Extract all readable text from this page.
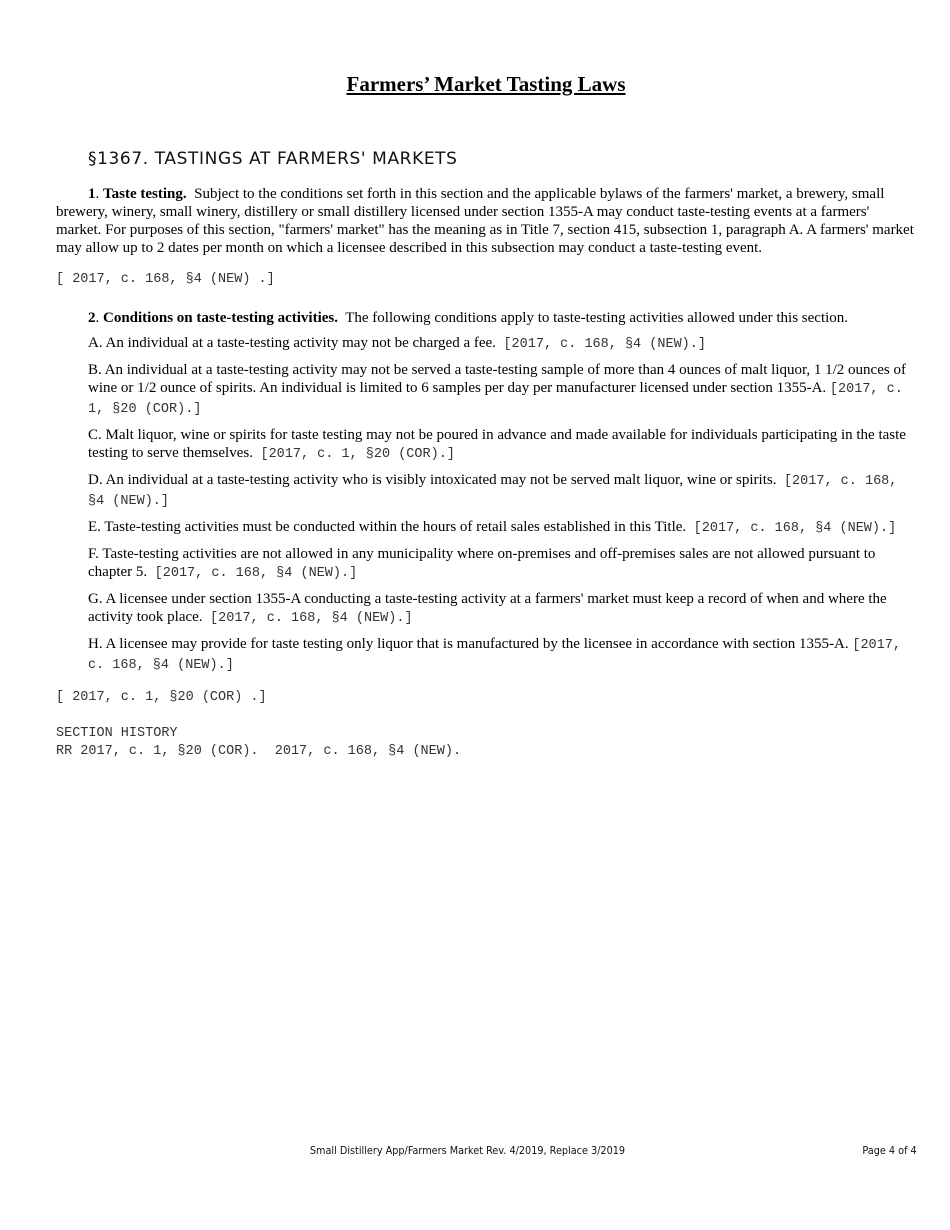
Farmers’ Market Tasting Laws
§1367. TASTINGS AT FARMERS' MARKETS

1. Taste testing. Subject to the conditions set forth in this section and the applicable bylaws of the farmers' market, a brewery, small brewery, winery, small winery, distillery or small distillery licensed under section 1355-A may conduct taste-testing events at a farmers' market. For purposes of this section, "farmers' market" has the meaning as in Title 7, section 415, subsection 1, paragraph A. A farmers' market may allow up to 2 dates per month on which a licensee described in this subsection may conduct a taste-testing event.

[ 2017, c. 168, §4 (NEW) .]

2. Conditions on taste-testing activities. The following conditions apply to taste-testing activities allowed under this section.

A. An individual at a taste-testing activity may not be charged a fee. [2017, c. 168, §4 (NEW).]

B. An individual at a taste-testing activity may not be served a taste-testing sample of more than 4 ounces of malt liquor, 1 1/2 ounces of wine or 1/2 ounce of spirits. An individual is limited to 6 samples per day per manufacturer licensed under section 1355-A. [2017, c. 1, §20 (COR).]

C. Malt liquor, wine or spirits for taste testing may not be poured in advance and made available for individuals participating in the taste testing to serve themselves. [2017, c. 1, §20 (COR).]

D. An individual at a taste-testing activity who is visibly intoxicated may not be served malt liquor, wine or spirits. [2017, c. 168, §4 (NEW).]

E. Taste-testing activities must be conducted within the hours of retail sales established in this Title. [2017, c. 168, §4 (NEW).]

F. Taste-testing activities are not allowed in any municipality where on-premises and off-premises sales are not allowed pursuant to chapter 5. [2017, c. 168, §4 (NEW).]

G. A licensee under section 1355-A conducting a taste-testing activity at a farmers' market must keep a record of when and where the activity took place. [2017, c. 168, §4 (NEW).]

H. A licensee may provide for taste testing only liquor that is manufactured by the licensee in accordance with section 1355-A. [2017, c. 168, §4 (NEW).]

[ 2017, c. 1, §20 (COR) .]
SECTION HISTORY
RR 2017, c. 1, §20 (COR).  2017, c. 168, §4 (NEW).
Small Distillery App/Farmers Market Rev. 4/2019, Replace 3/2019	Page 4 of 4
